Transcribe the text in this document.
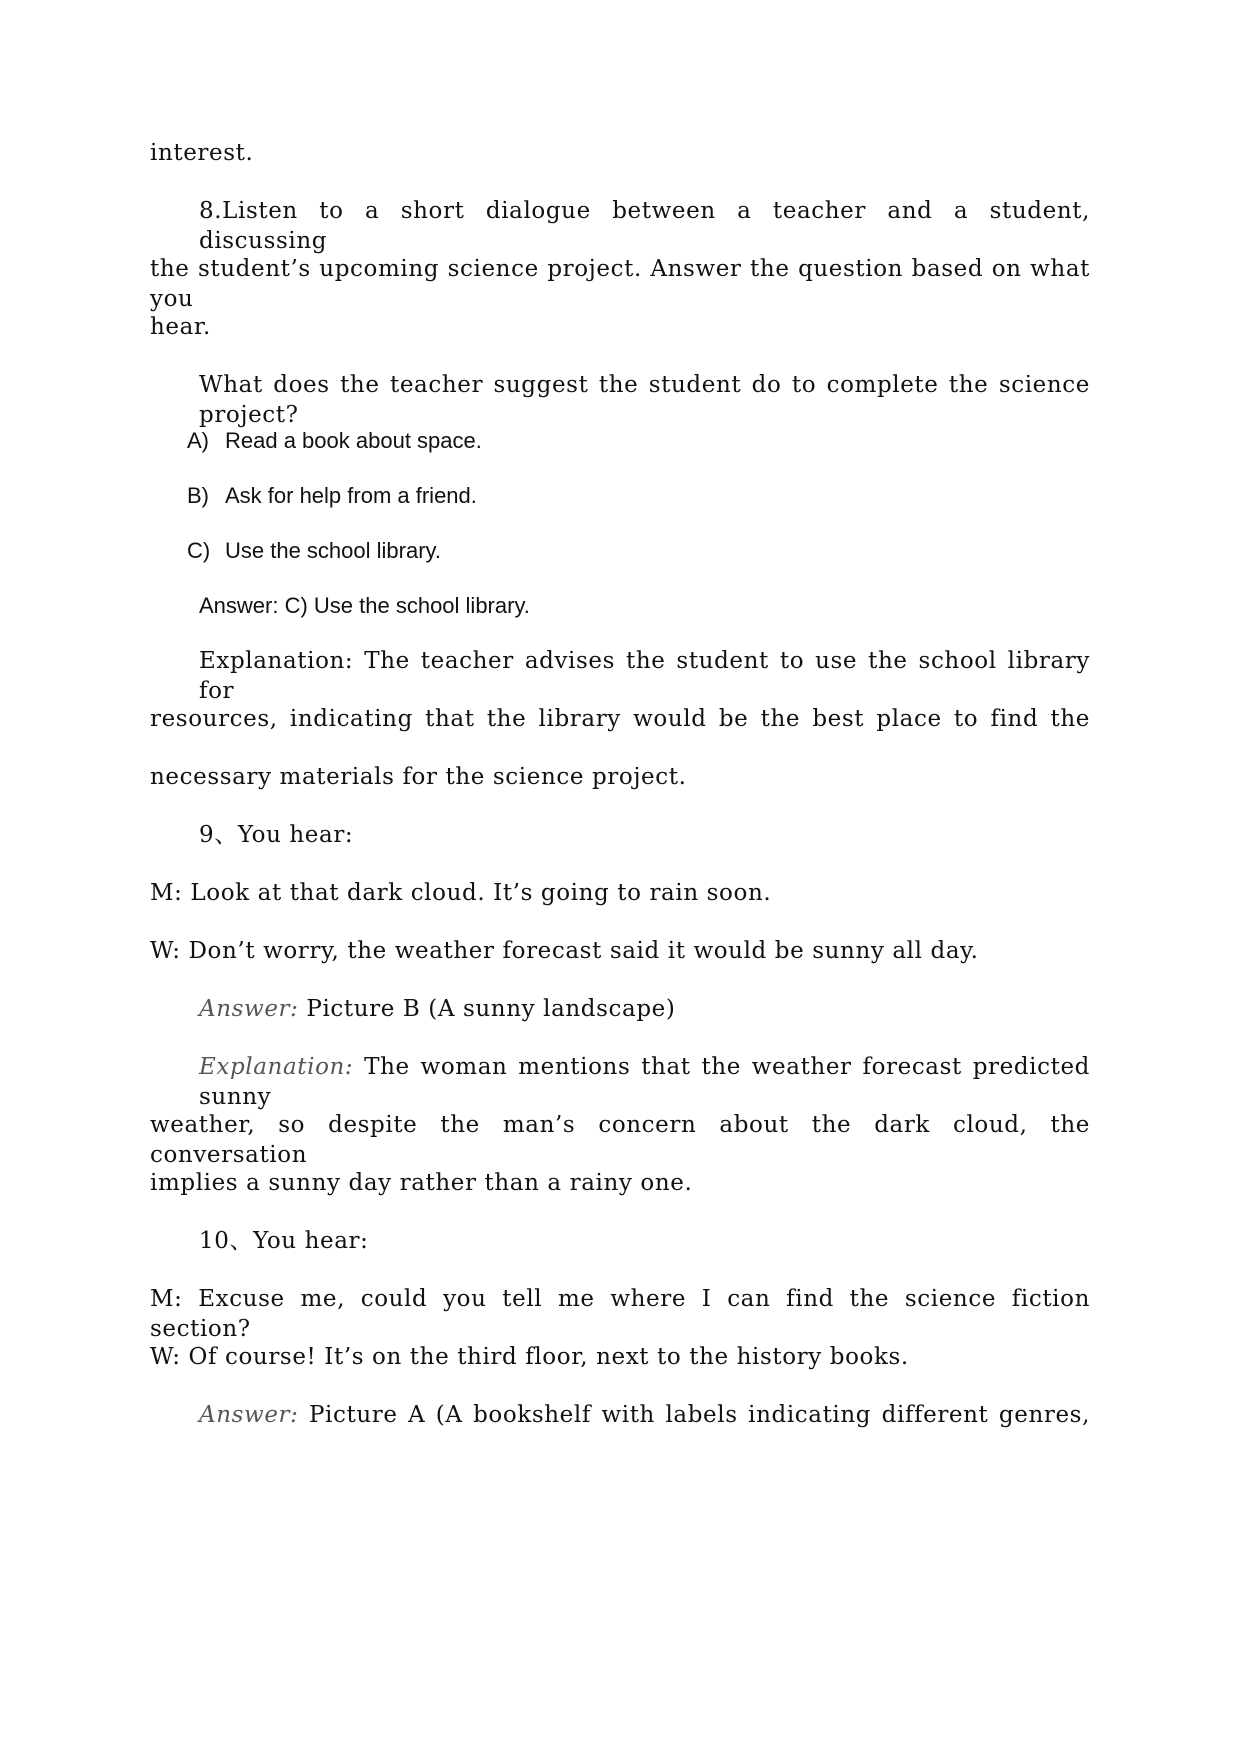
interest.
8.Listen to a short dialogue between a teacher and a student, discussing
the student’s upcoming science project. Answer the question based on what you
hear.
What does the teacher suggest the student do to complete the science project?
A) Read a book about space.
B) Ask for help from a friend.
C) Use the school library.
Answer: C) Use the school library.
Explanation: The teacher advises the student to use the school library for
resources, indicating that the library would be the best place to find the
necessary materials for the science project.
9、You hear:
M: Look at that dark cloud. It’s going to rain soon.
W: Don’t worry, the weather forecast said it would be sunny all day.
Answer: Picture B (A sunny landscape)
Explanation: The woman mentions that the weather forecast predicted sunny
weather, so despite the man’s concern about the dark cloud, the conversation
implies a sunny day rather than a rainy one.
10、You hear:
M: Excuse me, could you tell me where I can find the science fiction section?
W: Of course! It’s on the third floor, next to the history books.
Answer: Picture A (A bookshelf with labels indicating different genres,
